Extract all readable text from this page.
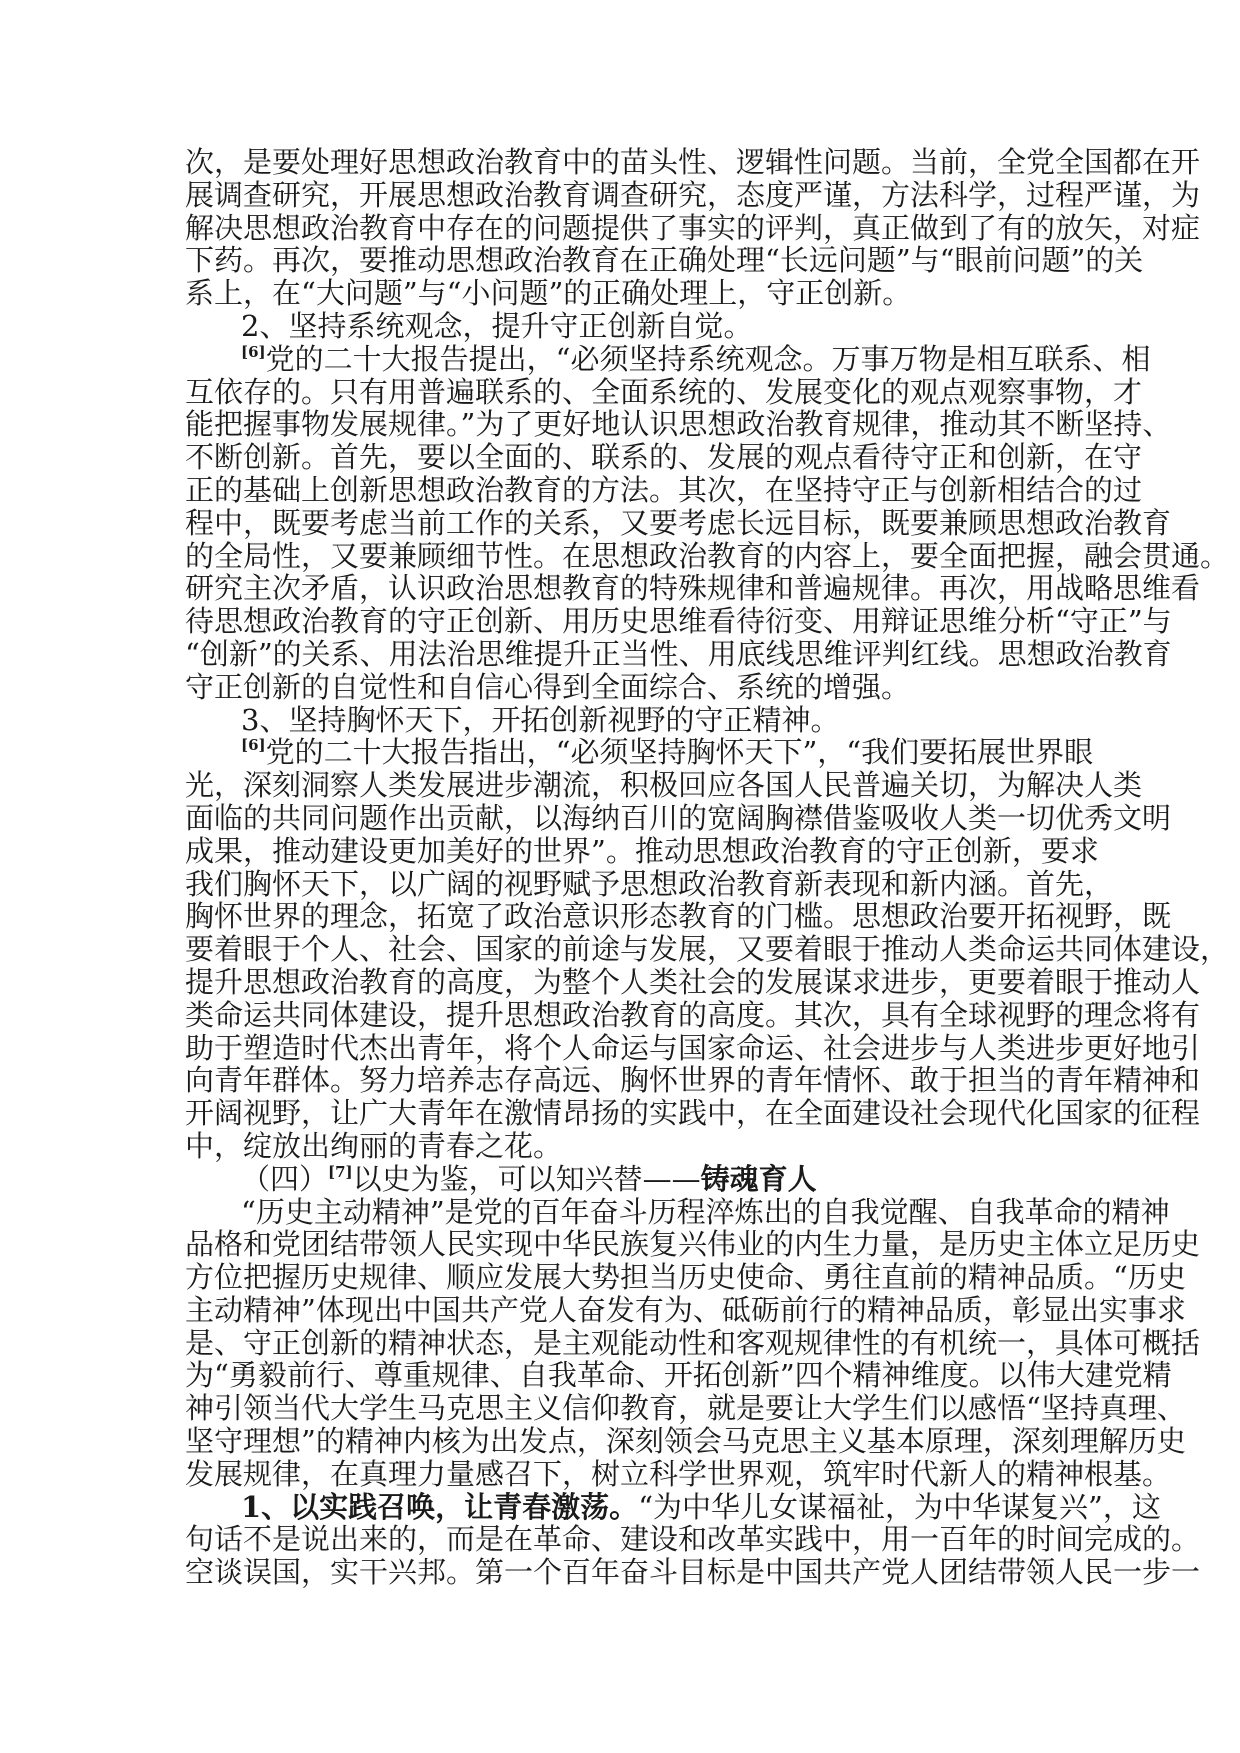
次，是要处理好思想政治教育中的苗头性、逻辑性问题。当前，全党全国都在开
展调查研究，开展思想政治教育调查研究，态度严谨，方法科学，过程严谨，为
解决思想政治教育中存在的问题提供了事实的评判，真正做到了有的放矢，对症
下药。再次，要推动思想政治教育在正确处理“长远问题”与“眼前问题”的关
系上，在“大问题”与“小问题”的正确处理上，守正创新。
2、坚持系统观念，提升守正创新自觉。
[6]党的二十大报告提出，“必须坚持系统观念。万事万物是相互联系、相
互依存的。只有用普遍联系的、全面系统的、发展变化的观点观察事物，才
能把握事物发展规律。”为了更好地认识思想政治教育规律，推动其不断坚持、
不断创新。首先，要以全面的、联系的、发展的观点看待守正和创新，在守
正的基础上创新思想政治教育的方法。其次，在坚持守正与创新相结合的过
程中，既要考虑当前工作的关系，又要考虑长远目标，既要兼顾思想政治教育
的全局性，又要兼顾细节性。在思想政治教育的内容上，要全面把握，融会贯通。
研究主次矛盾，认识政治思想教育的特殊规律和普遍规律。再次，用战略思维看
待思想政治教育的守正创新、用历史思维看待衍变、用辩证思维分析“守正”与
“创新”的关系、用法治思维提升正当性、用底线思维评判红线。思想政治教育
守正创新的自觉性和自信心得到全面综合、系统的增强。
3、坚持胸怀天下，开拓创新视野的守正精神。
[6]党的二十大报告指出，“必须坚持胸怀天下”，“我们要拓展世界眼
光，深刻洞察人类发展进步潮流，积极回应各国人民普遍关切，为解决人类
面临的共同问题作出贡献，以海纳百川的宽阔胸襟借鉴吸收人类一切优秀文明
成果，推动建设更加美好的世界”。推动思想政治教育的守正创新，要求
我们胸怀天下，以广阔的视野赋予思想政治教育新表现和新内涵。首先，
胸怀世界的理念，拓宽了政治意识形态教育的门槛。思想政治要开拓视野，既
要着眼于个人、社会、国家的前途与发展，又要着眼于推动人类命运共同体建设，
提升思想政治教育的高度，为整个人类社会的发展谋求进步，更要着眼于推动人
类命运共同体建设，提升思想政治教育的高度。其次，具有全球视野的理念将有
助于塑造时代杰出青年，将个人命运与国家命运、社会进步与人类进步更好地引
向青年群体。努力培养志存高远、胸怀世界的青年情怀、敢于担当的青年精神和
开阔视野，让广大青年在激情昂扬的实践中，在全面建设社会现代化国家的征程
中，绽放出绚丽的青春之花。
（四）[7]以史为鉴，可以知兴替——铸魂育人
“历史主动精神”是党的百年奋斗历程淬炼出的自我觉醒、自我革命的精神
品格和党团结带领人民实现中华民族复兴伟业的内生力量，是历史主体立足历史
方位把握历史规律、顺应发展大势担当历史使命、勇往直前的精神品质。“历史
主动精神”体现出中国共产党人奋发有为、砥砺前行的精神品质，彰显出实事求
是、守正创新的精神状态，是主观能动性和客观规律性的有机统一，具体可概括
为“勇毅前行、尊重规律、自我革命、开拓创新”四个精神维度。以伟大建党精
神引领当代大学生马克思主义信仰教育，就是要让大学生们以感悟“坚持真理、
坚守理想”的精神内核为出发点，深刻领会马克思主义基本原理，深刻理解历史
发展规律，在真理力量感召下，树立科学世界观，筑牢时代新人的精神根基。
1、以实践召唤，让青春激荡。“为中华儿女谋福祉，为中华谋复兴”，这
句话不是说出来的，而是在革命、建设和改革实践中，用一百年的时间完成的。
空谈误国，实干兴邦。第一个百年奋斗目标是中国共产党人团结带领人民一步一
